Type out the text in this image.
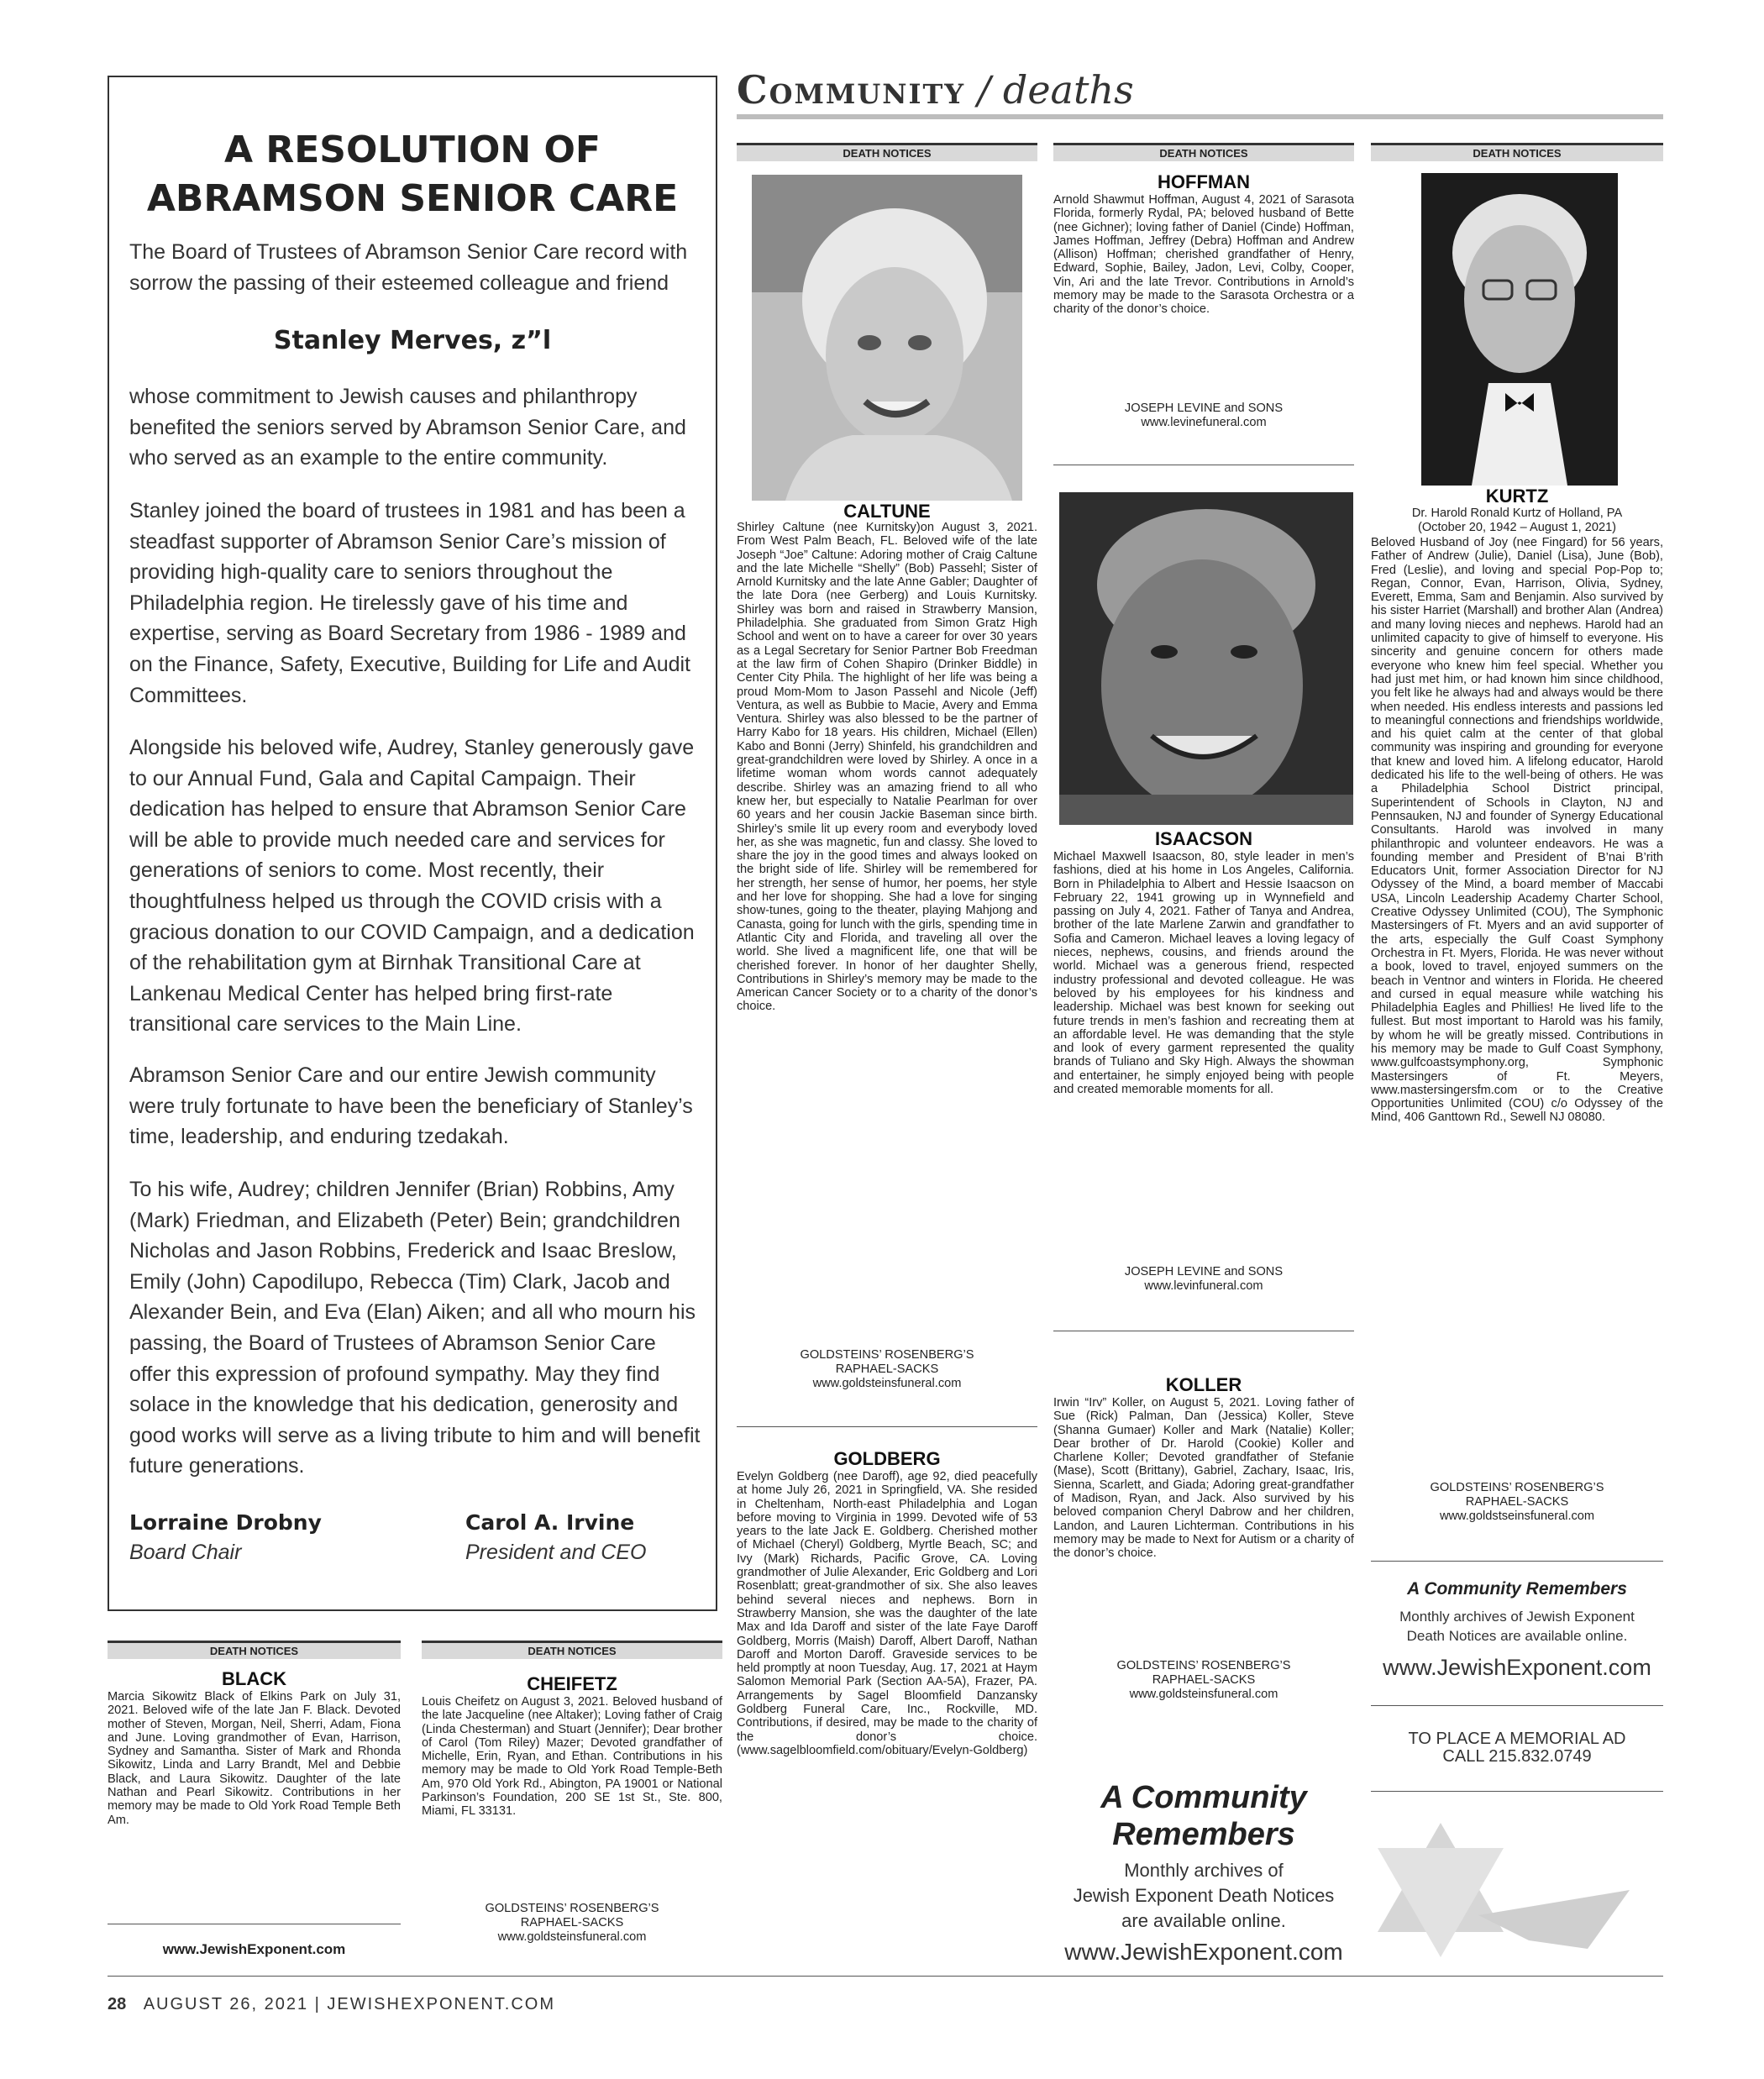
Community / deaths
A RESOLUTION OF
ABRAMSON SENIOR CARE
The Board of Trustees of Abramson Senior Care record with sorrow the passing of their esteemed colleague and friend
Stanley Merves, z”l
whose commitment to Jewish causes and philanthropy benefited the seniors served by Abramson Senior Care, and who served as an example to the entire community.
Stanley joined the board of trustees in 1981 and has been a steadfast supporter of Abramson Senior Care’s mission of providing high-quality care to seniors throughout the Philadelphia region. He tirelessly gave of his time and expertise, serving as Board Secretary from 1986 - 1989 and on the Finance, Safety, Executive, Building for Life and Audit Committees.
Alongside his beloved wife, Audrey, Stanley generously gave to our Annual Fund, Gala and Capital Campaign. Their dedication has helped to ensure that Abramson Senior Care will be able to provide much needed care and services for generations of seniors to come. Most recently, their thoughtfulness helped us through the COVID crisis with a gracious donation to our COVID Campaign, and a dedication of the rehabilitation gym at Birnhak Transitional Care at Lankenau Medical Center has helped bring first-rate transitional care services to the Main Line.
Abramson Senior Care and our entire Jewish community were truly fortunate to have been the beneficiary of Stanley’s time, leadership, and enduring tzedakah.
To his wife, Audrey; children Jennifer (Brian) Robbins, Amy (Mark) Friedman, and Elizabeth (Peter) Bein; grandchildren Nicholas and Jason Robbins, Frederick and Isaac Breslow, Emily (John) Capodilupo, Rebecca (Tim) Clark, Jacob and Alexander Bein, and Eva (Elan) Aiken; and all who mourn his passing, the Board of Trustees of Abramson Senior Care offer this expression of profound sympathy. May they find solace in the knowledge that his dedication, generosity and good works will serve as a living tribute to him and will benefit future generations.
Lorraine Drobny
Board Chair
Carol A. Irvine
President and CEO
DEATH NOTICES
CALTUNE
Shirley Caltune (nee Kurnitsky)on August 3, 2021. From West Palm Beach, FL. Beloved wife of the late Joseph “Joe” Caltune: Adoring mother of Craig Caltune and the late Michelle “Shelly” (Bob) Passehl; Sister of Arnold Kurnitsky and the late Anne Gabler; Daughter of the late Dora (nee Gerberg) and Louis Kurnitsky. Shirley was born and raised in Strawberry Mansion, Philadelphia. She graduated from Simon Gratz High School and went on to have a career for over 30 years as a Legal Secretary for Senior Partner Bob Freedman at the law firm of Cohen Shapiro (Drinker Biddle) in Center City Phila. The highlight of her life was being a proud Mom-Mom to Jason Passehl and Nicole (Jeff) Ventura, as well as Bubbie to Macie, Avery and Emma Ventura. Shirley was also blessed to be the partner of Harry Kabo for 18 years. His children, Michael (Ellen) Kabo and Bonni (Jerry) Shinfeld, his grandchildren and great-grandchildren were loved by Shirley. A once in a lifetime woman whom words cannot adequately describe. Shirley was an amazing friend to all who knew her, but especially to Natalie Pearlman for over 60 years and her cousin Jackie Baseman since birth. Shirley’s smile lit up every room and everybody loved her, as she was magnetic, fun and classy. She loved to share the joy in the good times and always looked on the bright side of life. Shirley will be remembered for her strength, her sense of humor, her poems, her style and her love for shopping. She had a love for singing show-tunes, going to the theater, playing Mahjong and Canasta, going for lunch with the girls, spending time in Atlantic City and Florida, and traveling all over the world. She lived a magnificent life, one that will be cherished forever. In honor of her daughter Shelly, Contributions in Shirley’s memory may be made to the American Cancer Society or to a charity of the donor’s choice.
GOLDSTEINS’ ROSENBERG’S
RAPHAEL-SACKS
www.goldsteinsfuneral.com
GOLDBERG
Evelyn Goldberg (nee Daroff), age 92, died peacefully at home July 26, 2021 in Springfield, VA. She resided in Cheltenham, North-east Philadelphia and Logan before moving to Virginia in 1999. Devoted wife of 53 years to the late Jack E. Goldberg. Cherished mother of Michael (Cheryl) Goldberg, Myrtle Beach, SC; and Ivy (Mark) Richards, Pacific Grove, CA. Loving grandmother of Julie Alexander, Eric Goldberg and Lori Rosenblatt; great-grandmother of six. She also leaves behind several nieces and nephews. Born in Strawberry Mansion, she was the daughter of the late Max and Ida Daroff and sister of the late Faye Daroff Goldberg, Morris (Maish) Daroff, Albert Daroff, Nathan Daroff and Morton Daroff. Graveside services to be held promptly at noon Tuesday, Aug. 17, 2021 at Haym Salomon Memorial Park (Section AA-5A), Frazer, PA. Arrangements by Sagel Bloomfield Danzansky Goldberg Funeral Care, Inc., Rockville, MD. Contributions, if desired, may be made to the charity of the donor’s choice. (www.sagelbloomfield.com/obituary/Evelyn-Goldberg)
DEATH NOTICES
HOFFMAN
Arnold Shawmut Hoffman, August 4, 2021 of Sarasota Florida, formerly Rydal, PA; beloved husband of Bette (nee Gichner); loving father of Daniel (Cinde) Hoffman, James Hoffman, Jeffrey (Debra) Hoffman and Andrew (Allison) Hoffman; cherished grandfather of Henry, Edward, Sophie, Bailey, Jadon, Levi, Colby, Cooper, Vin, Ari and the late Trevor. Contributions in Arnold’s memory may be made to the Sarasota Orchestra or a charity of the donor’s choice.
JOSEPH LEVINE and SONS
www.levinefuneral.com
ISAACSON
Michael Maxwell Isaacson, 80, style leader in men’s fashions, died at his home in Los Angeles, California. Born in Philadelphia to Albert and Hessie Isaacson on February 22, 1941 growing up in Wynnefield and passing on July 4, 2021. Father of Tanya and Andrea, brother of the late Marlene Zarwin and grandfather to Sofia and Cameron. Michael leaves a loving legacy of nieces, nephews, cousins, and friends around the world. Michael was a generous friend, respected industry professional and devoted colleague. He was beloved by his employees for his kindness and leadership. Michael was best known for seeking out future trends in men’s fashion and recreating them at an affordable level. He was demanding that the style and look of every garment represented the quality brands of Tuliano and Sky High. Always the showman and entertainer, he simply enjoyed being with people and created memorable moments for all.
JOSEPH LEVINE and SONS
www.levinfuneral.com
KOLLER
Irwin “Irv” Koller, on August 5, 2021. Loving father of Sue (Rick) Palman, Dan (Jessica) Koller, Steve (Shanna Gumaer) Koller and Mark (Natalie) Koller; Dear brother of Dr. Harold (Cookie) Koller and Charlene Koller; Devoted grandfather of Stefanie (Mase), Scott (Brittany), Gabriel, Zachary, Isaac, Iris, Sienna, Scarlett, and Giada; Adoring great-grandfather of Madison, Ryan, and Jack. Also survived by his beloved companion Cheryl Dabrow and her children, Landon, and Lauren Lichterman. Contributions in his memory may be made to Next for Autism or a charity of the donor’s choice.
GOLDSTEINS’ ROSENBERG’S
RAPHAEL-SACKS
www.goldsteinsfuneral.com
A Community
Remembers
Monthly archives of
Jewish Exponent Death Notices
are available online.
www.JewishExponent.com
DEATH NOTICES
KURTZ
Dr. Harold Ronald Kurtz of Holland, PA
(October 20, 1942 – August 1, 2021)
Beloved Husband of Joy (nee Fingard) for 56 years, Father of Andrew (Julie), Daniel (Lisa), June (Bob), Fred (Leslie), and loving and special Pop-Pop to; Regan, Connor, Evan, Harrison, Olivia, Sydney, Everett, Emma, Sam and Benjamin. Also survived by his sister Harriet (Marshall) and brother Alan (Andrea) and many loving nieces and nephews. Harold had an unlimited capacity to give of himself to everyone. His sincerity and genuine concern for others made everyone who knew him feel special. Whether you had just met him, or had known him since childhood, you felt like he always had and always would be there when needed. His endless interests and passions led to meaningful connections and friendships worldwide, and his quiet calm at the center of that global community was inspiring and grounding for everyone that knew and loved him. A lifelong educator, Harold dedicated his life to the well-being of others. He was a Philadelphia School District principal, Superintendent of Schools in Clayton, NJ and Pennsauken, NJ and founder of Synergy Educational Consultants. Harold was involved in many philanthropic and volunteer endeavors. He was a founding member and President of B’nai B’rith Educators Unit, former Association Director for NJ Odyssey of the Mind, a board member of Maccabi USA, Lincoln Leadership Academy Charter School, Creative Odyssey Unlimited (COU), The Symphonic Mastersingers of Ft. Myers and an avid supporter of the arts, especially the Gulf Coast Symphony Orchestra in Ft. Myers, Florida. He was never without a book, loved to travel, enjoyed summers on the beach in Ventnor and winters in Florida. He cheered and cursed in equal measure while watching his Philadelphia Eagles and Phillies! He lived life to the fullest. But most important to Harold was his family, by whom he will be greatly missed. Contributions in his memory may be made to Gulf Coast Symphony, www.gulfcoastsymphony.org, Symphonic Mastersingers of Ft. Meyers, www.mastersingersfm.com or to the Creative Opportunities Unlimited (COU) c/o Odyssey of the Mind, 406 Ganttown Rd., Sewell NJ 08080.
GOLDSTEINS’ ROSENBERG’S
RAPHAEL-SACKS
www.goldstseinsfuneral.com
A Community Remembers
Monthly archives of Jewish Exponent
Death Notices are available online.
www.JewishExponent.com
TO PLACE A MEMORIAL AD
CALL 215.832.0749
DEATH NOTICES
BLACK
Marcia Sikowitz Black of Elkins Park on July 31, 2021. Beloved wife of the late Jan F. Black. Devoted mother of Steven, Morgan, Neil, Sherri, Adam, Fiona and June. Loving grandmother of Evan, Harrison, Sydney and Samantha. Sister of Mark and Rhonda Sikowitz, Linda and Larry Brandt, Mel and Debbie Black, and Laura Sikowitz. Daughter of the late Nathan and Pearl Sikowitz. Contributions in her memory may be made to Old York Road Temple Beth Am.
www.JewishExponent.com
DEATH NOTICES
CHEIFETZ
Louis Cheifetz on August 3, 2021. Beloved husband of the late Jacqueline (nee Altaker); Loving father of Craig (Linda Chesterman) and Stuart (Jennifer); Dear brother of Carol (Tom Riley) Mazer; Devoted grandfather of Michelle, Erin, Ryan, and Ethan. Contributions in his memory may be made to Old York Road Temple-Beth Am, 970 Old York Rd., Abington, PA 19001 or National Parkinson’s Foundation, 200 SE 1st St., Ste. 800, Miami, FL 33131.
GOLDSTEINS’ ROSENBERG’S
RAPHAEL-SACKS
www.goldsteinsfuneral.com
28 AUGUST 26, 2021 | JEWISHEXPONENT.COM
